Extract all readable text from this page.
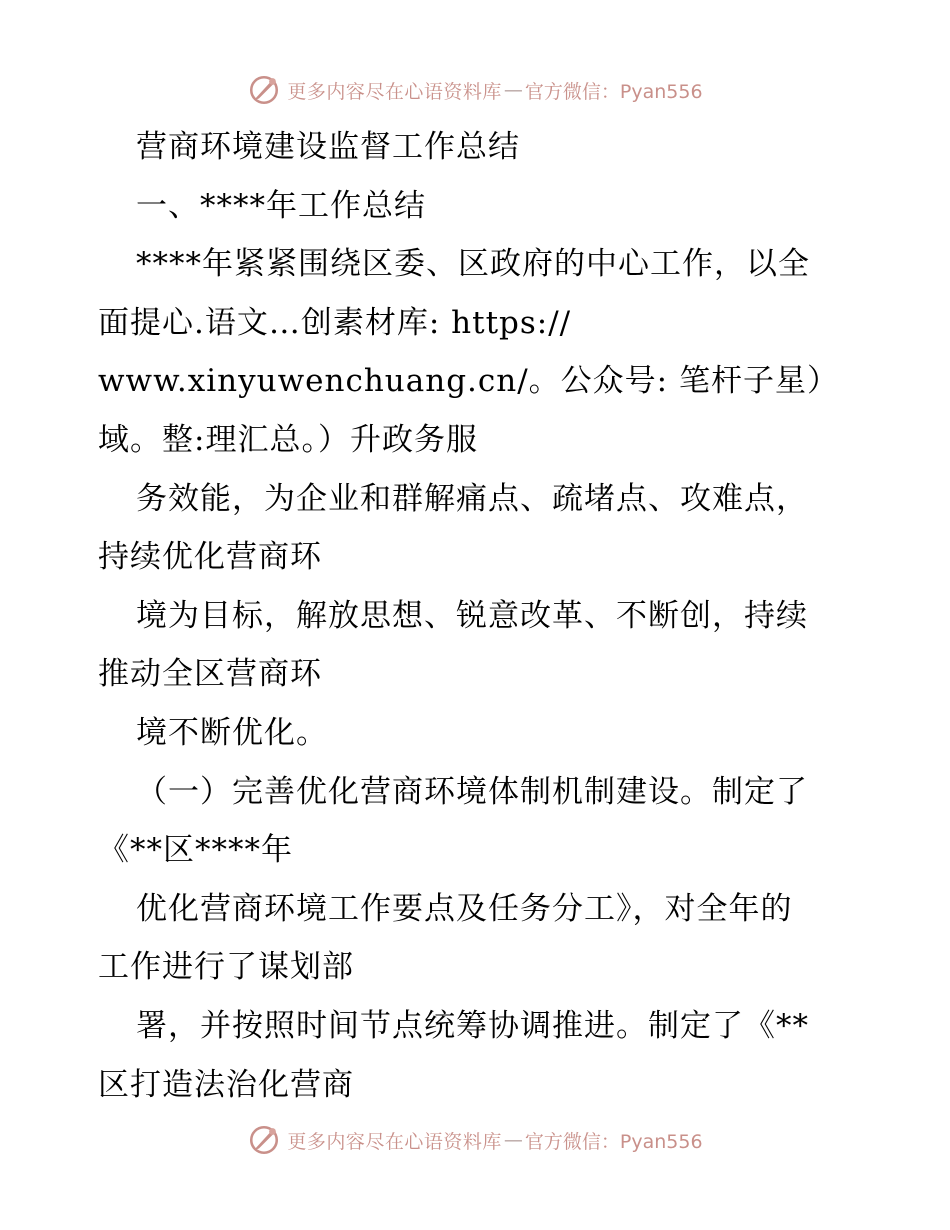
更多内容尽在心语资料库 — 官方微信：Pyan556
营商环境建设监督工作总结
一、****年工作总结
****年紧紧围绕区委、区政府的中心工作，以全
面提心.语文…创素材库: https://
www.xinyuwenchuang.cn/。公众号: 笔杆子星）
域。整:理汇总。）升政务服
务效能，为企业和群解痛点、疏堵点、攻难点，
持续优化营商环
境为目标，解放思想、锐意改革、不断创，持续
推动全区营商环
境不断优化。
（一）完善优化营商环境体制机制建设。制定了
《**区****年
优化营商环境工作要点及任务分工》，对全年的
工作进行了谋划部
署，并按照时间节点统筹协调推进。制定了《**
区打造法治化营商
更多内容尽在心语资料库 — 官方微信：Pyan556
